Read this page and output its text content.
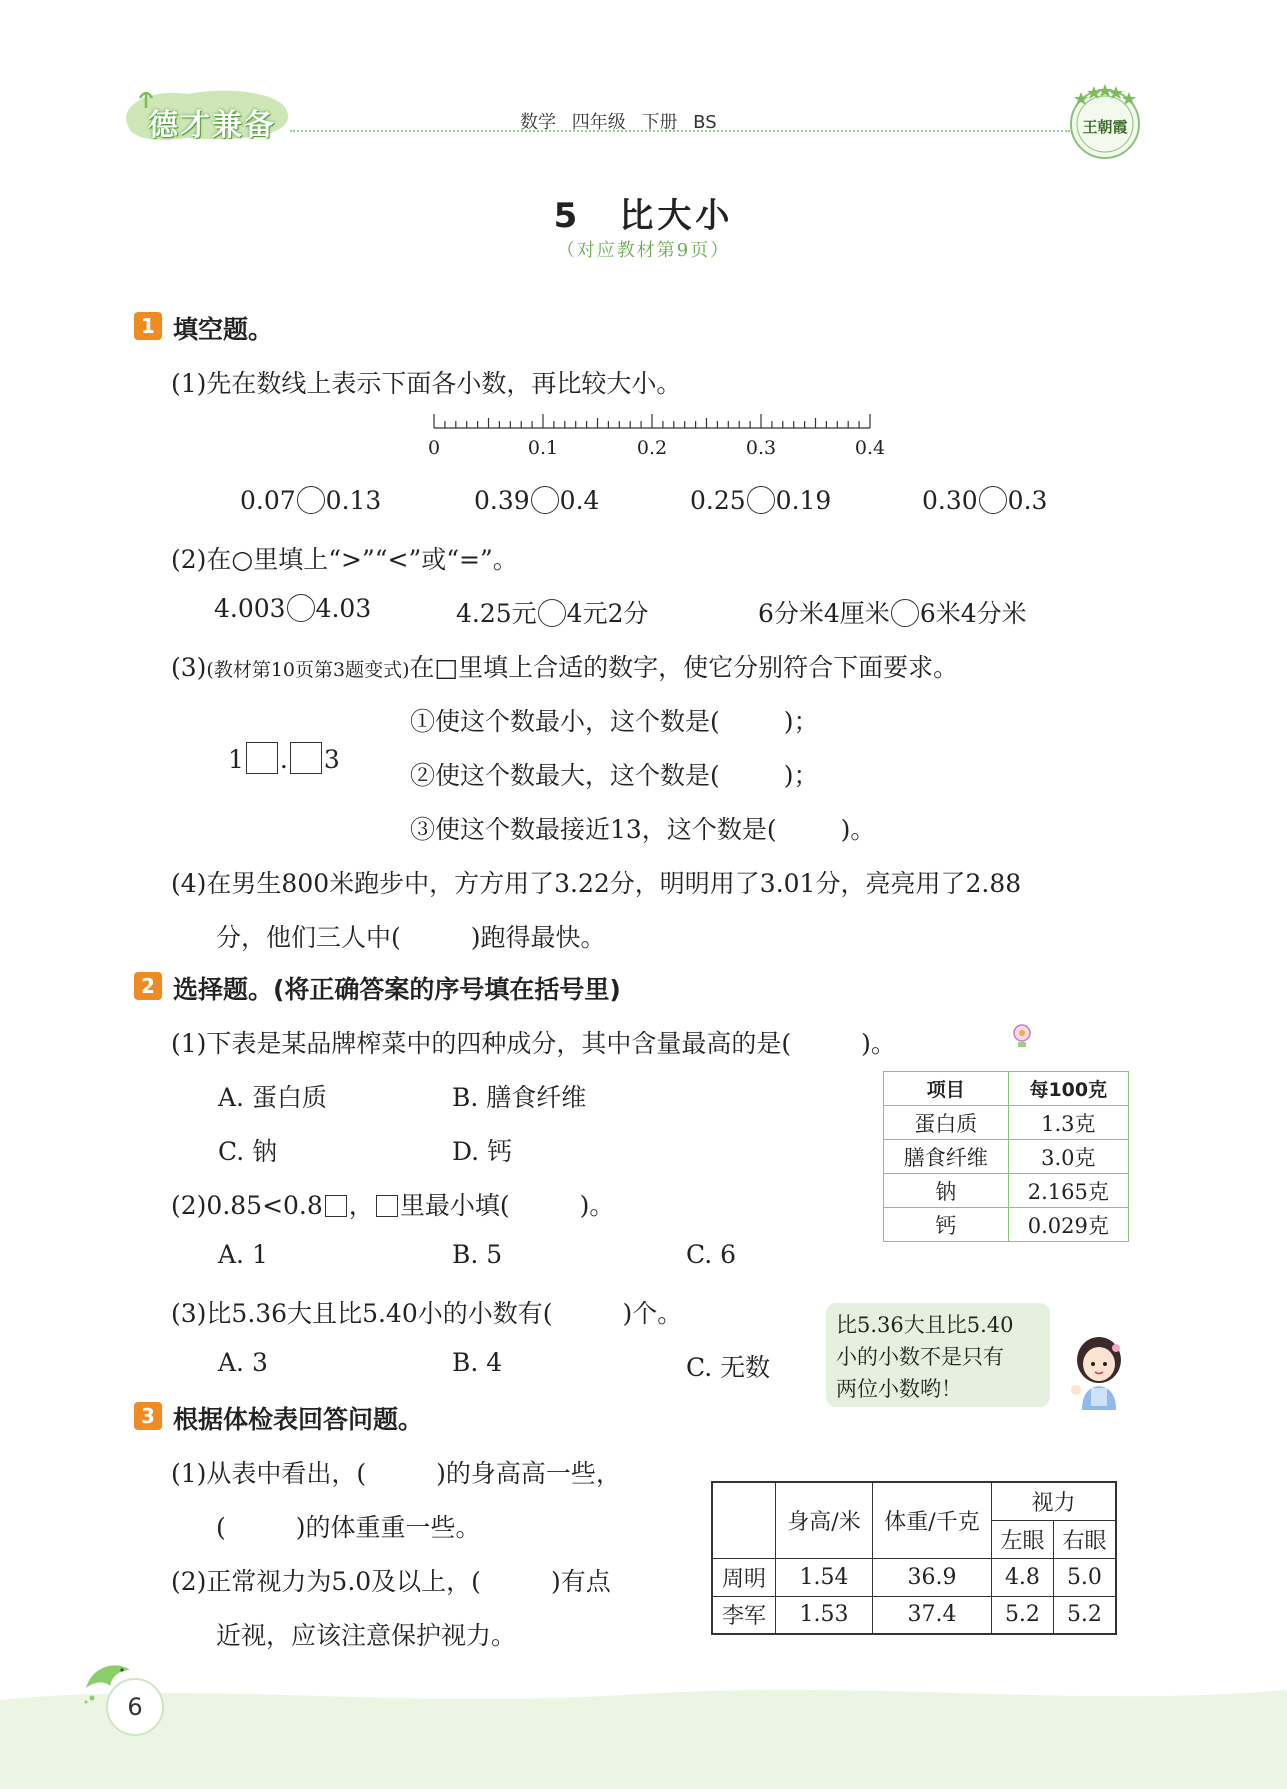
德才兼备	数学 四年级 下册 BS	王朝霞
5　比大小
（对应教材第9页）
1 填空题。
(1)先在数线上表示下面各小数，再比较大小。
0	0.1	0.2	0.3	0.4
0.07 0.13	0.39 0.4	0.25 0.19	0.30 0.3
(2)在○里填上“>”“<”或“=”。
4.003 4.03	4.25元 4元2分	6分米4厘米 6米4分米
(3)(教材第10页第3题变式)在□里填上合适的数字，使它分别符合下面要求。
1 . 3
①使这个数最小，这个数是(	)；
②使这个数最大，这个数是(	)；
③使这个数最接近13，这个数是(	)。
(4)在男生800米跑步中，方方用了3.22分，明明用了3.01分，亮亮用了2.88
分，他们三人中(	)跑得最快。
2 选择题。(将正确答案的序号填在括号里)
(1)下表是某品牌榨菜中的四种成分，其中含量最高的是(	)。
A. 蛋白质	B. 膳食纤维
C. 钠	D. 钙
项目	每100克
蛋白质	1.3克
膳食纤维	3.0克
钠	2.165克
钙	0.029克
(2)0.85<0.8 ， 里最小填(	)。
A. 1	B. 5	C. 6
(3)比5.36大且比5.40小的小数有(	)个。
A. 3	B. 4	C. 无数
比5.36大且比5.40
小的小数不是只有
两位小数哟！
3 根据体检表回答问题。
(1)从表中看出，(	)的身高高一些，
(	)的体重重一些。
(2)正常视力为5.0及以上，(	)有点
近视，应该注意保护视力。
	身高/米	体重/千克	视力	
			左眼	右眼
周明	1.54	36.9	4.8	5.0
李军	1.53	37.4	5.2	5.2
6
